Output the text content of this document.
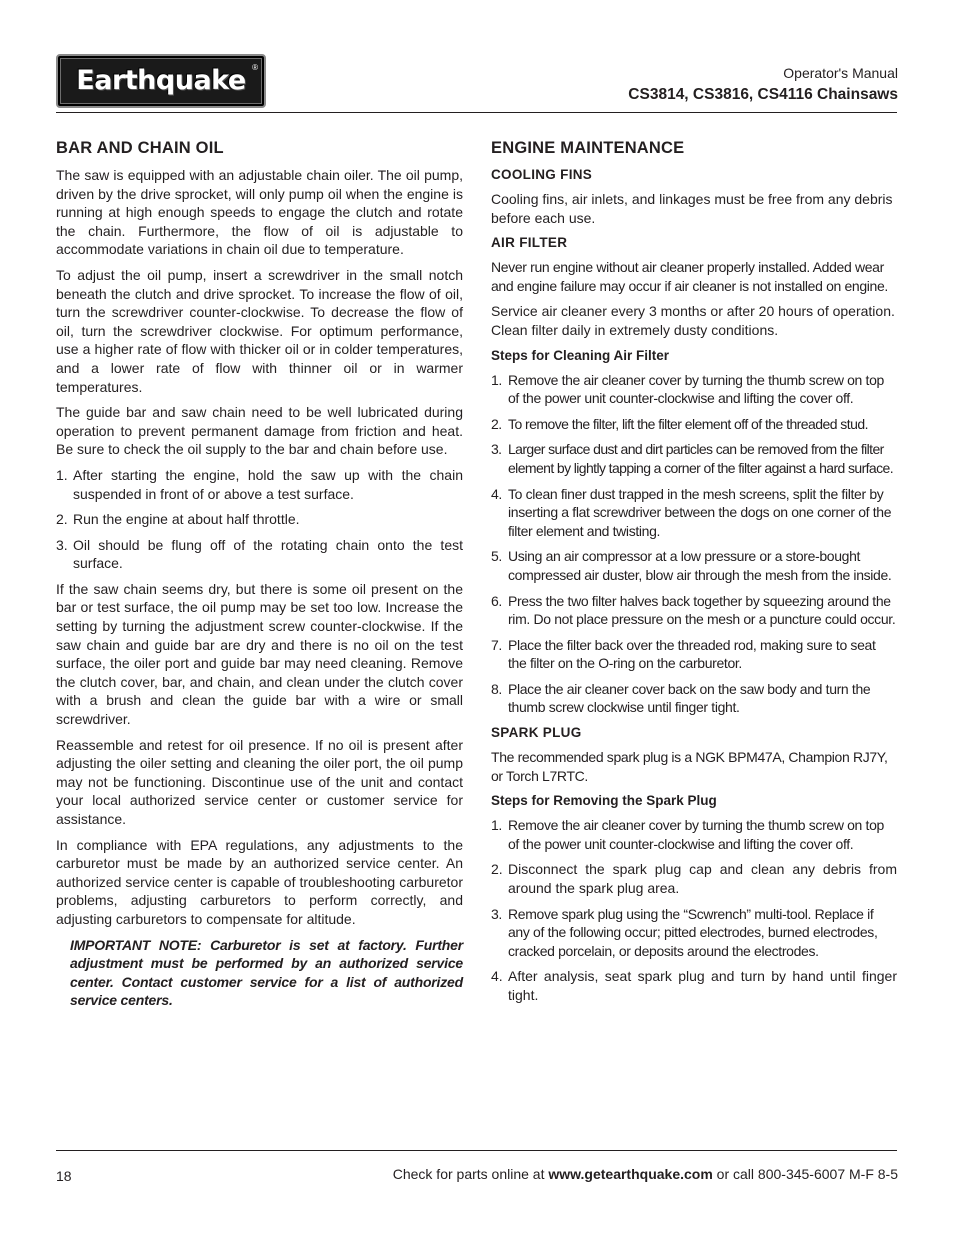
Earthquake ®	Operator's Manual
CS3814, CS3816, CS4116 Chainsaws
BAR AND CHAIN OIL

The saw is equipped with an adjustable chain oiler. The oil pump, driven by the drive sprocket, will only pump oil when the engine is running at high enough speeds to engage the clutch and rotate the chain. Furthermore, the flow of oil is adjustable to accommodate variations in chain oil due to temperature.

To adjust the oil pump, insert a screwdriver in the small notch beneath the clutch and drive sprocket. To increase the flow of oil, turn the screwdriver counter-clockwise. To decrease the flow of oil, turn the screwdriver clockwise. For optimum performance, use a higher rate of flow with thicker oil or in colder temperatures, and a lower rate of flow with thinner oil or in warmer temperatures.

The guide bar and saw chain need to be well lubricated during operation to prevent permanent damage from friction and heat. Be sure to check the oil supply to the bar and chain before use.

1. After starting the engine, hold the saw up with the chain suspended in front of or above a test surface.
2. Run the engine at about half throttle.
3. Oil should be flung off of the rotating chain onto the test surface.

If the saw chain seems dry, but there is some oil present on the bar or test surface, the oil pump may be set too low. Increase the setting by turning the adjustment screw counter-clockwise. If the saw chain and guide bar are dry and there is no oil on the test surface, the oiler port and guide bar may need cleaning. Remove the clutch cover, bar, and chain, and clean under the clutch cover with a brush and clean the guide bar with a wire or small screwdriver.

Reassemble and retest for oil presence. If no oil is present after adjusting the oiler setting and cleaning the oiler port, the oil pump may not be functioning. Discontinue use of the unit and contact your local authorized service center or customer service for assistance.

In compliance with EPA regulations, any adjustments to the carburetor must be made by an authorized service center. An authorized service center is capable of troubleshooting carburetor problems, adjusting carburetors to perform correctly, and adjusting carburetors to compensate for altitude.

IMPORTANT NOTE: Carburetor is set at factory. Further adjustment must be performed by an authorized service center. Contact customer service for a list of authorized service centers.

ENGINE MAINTENANCE
COOLING FINS

Cooling fins, air inlets, and linkages must be free from any debris before each use.

AIR FILTER

Never run engine without air cleaner properly installed. Added wear and engine failure may occur if air cleaner is not installed on engine.

Service air cleaner every 3 months or after 20 hours of operation. Clean filter daily in extremely dusty conditions.

Steps for Cleaning Air Filter
1. Remove the air cleaner cover by turning the thumb screw on top of the power unit counter-clockwise and lifting the cover off.
2. To remove the filter, lift the filter element off of the threaded stud.
3. Larger surface dust and dirt particles can be removed from the filter element by lightly tapping a corner of the filter against a hard surface.
4. To clean finer dust trapped in the mesh screens, split the filter by inserting a flat screwdriver between the dogs on one corner of the filter element and twisting.
5. Using an air compressor at a low pressure or a store-bought compressed air duster, blow air through the mesh from the inside.
6. Press the two filter halves back together by squeezing around the rim. Do not place pressure on the mesh or a puncture could occur.
7. Place the filter back over the threaded rod, making sure to seat the filter on the O-ring on the carburetor.
8. Place the air cleaner cover back on the saw body and turn the thumb screw clockwise until finger tight.
SPARK PLUG

The recommended spark plug is a NGK BPM47A, Champion RJ7Y, or Torch L7RTC.

Steps for Removing the Spark Plug
1. Remove the air cleaner cover by turning the thumb screw on top of the power unit counter-clockwise and lifting the cover off.
2. Disconnect the spark plug cap and clean any debris from around the spark plug area.
3. Remove spark plug using the “Scwrench” multi-tool. Replace if any of the following occur; pitted electrodes, burned electrodes, cracked porcelain, or deposits around the electrodes.
4. After analysis, seat spark plug and turn by hand until finger tight.
18	Check for parts online at www.getearthquake.com or call 800-345-6007 M-F 8-5
